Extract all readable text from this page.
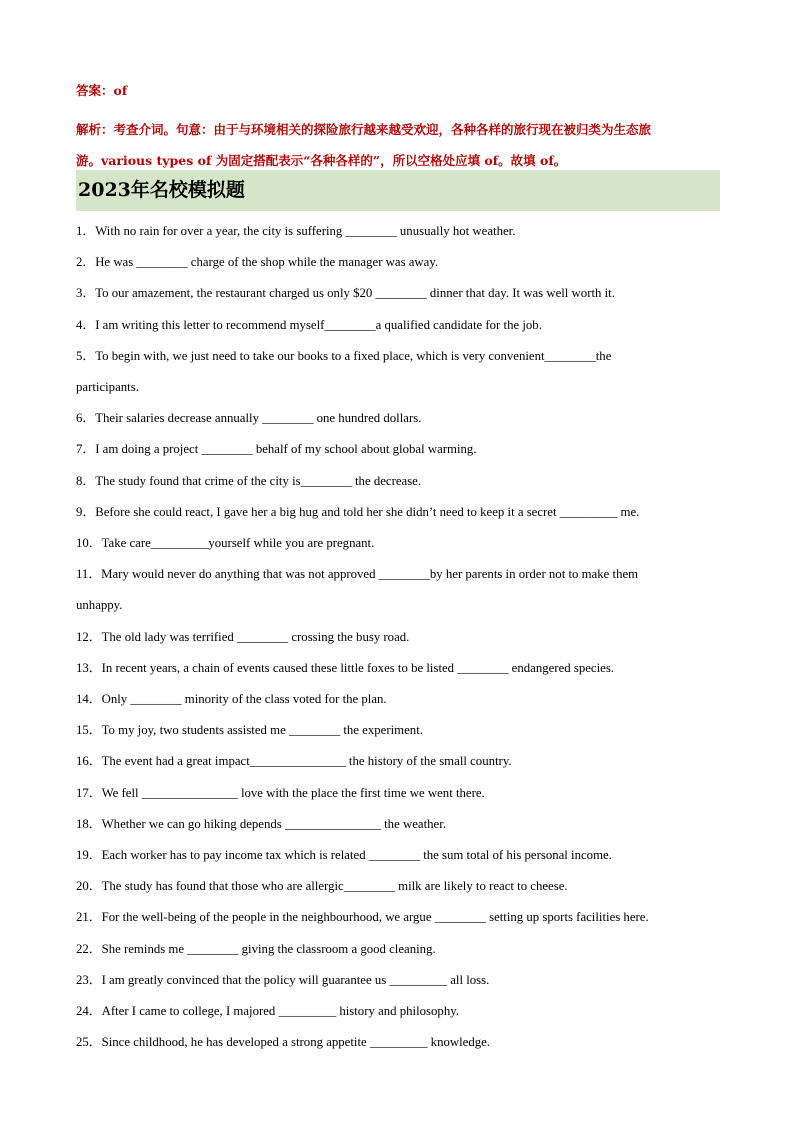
答案：of

解析：考查介词。句意：由于与环境相关的探险旅行越来越受欢迎，各种各样的旅行现在被归类为生态旅

游。various types of 为固定搭配表示“各种各样的”，所以空格处应填 of。故填 of。

2023年名校模拟题

1．With no rain for over a year, the city is suffering ________ unusually hot weather.

2．He was ________ charge of the shop while the manager was away.

3．To our amazement, the restaurant charged us only $20 ________ dinner that day. It was well worth it.

4．I am writing this letter to recommend myself________a qualified candidate for the job.

5．To begin with, we just need to take our books to a fixed place, which is very convenient________the
participants.

6．Their salaries decrease annually ________ one hundred dollars.

7．I am doing a project ________ behalf of my school about global warming.

8．The study found that crime of the city is________ the decrease.

9．Before she could react, I gave her a big hug and told her she didn’t need to keep it a secret _________ me.

10．Take care_________yourself while you are pregnant.

11．Mary would never do anything that was not approved ________by her parents in order not to make them
unhappy.

12．The old lady was terrified ________ crossing the busy road.

13．In recent years, a chain of events caused these little foxes to be listed ________ endangered species.

14．Only ________ minority of the class voted for the plan.

15．To my joy, two students assisted me ________ the experiment.

16．The event had a great impact_______________ the history of the small country.

17．We fell _______________ love with the place the first time we went there.

18．Whether we can go hiking depends _______________ the weather.

19．Each worker has to pay income tax which is related ________ the sum total of his personal income.

20．The study has found that those who are allergic________ milk are likely to react to cheese.

21．For the well-being of the people in the neighbourhood, we argue ________ setting up sports facilities here.

22．She reminds me ________ giving the classroom a good cleaning.

23．I am greatly convinced that the policy will guarantee us _________ all loss.

24．After I came to college, I majored _________ history and philosophy.

25．Since childhood, he has developed a strong appetite _________ knowledge.
